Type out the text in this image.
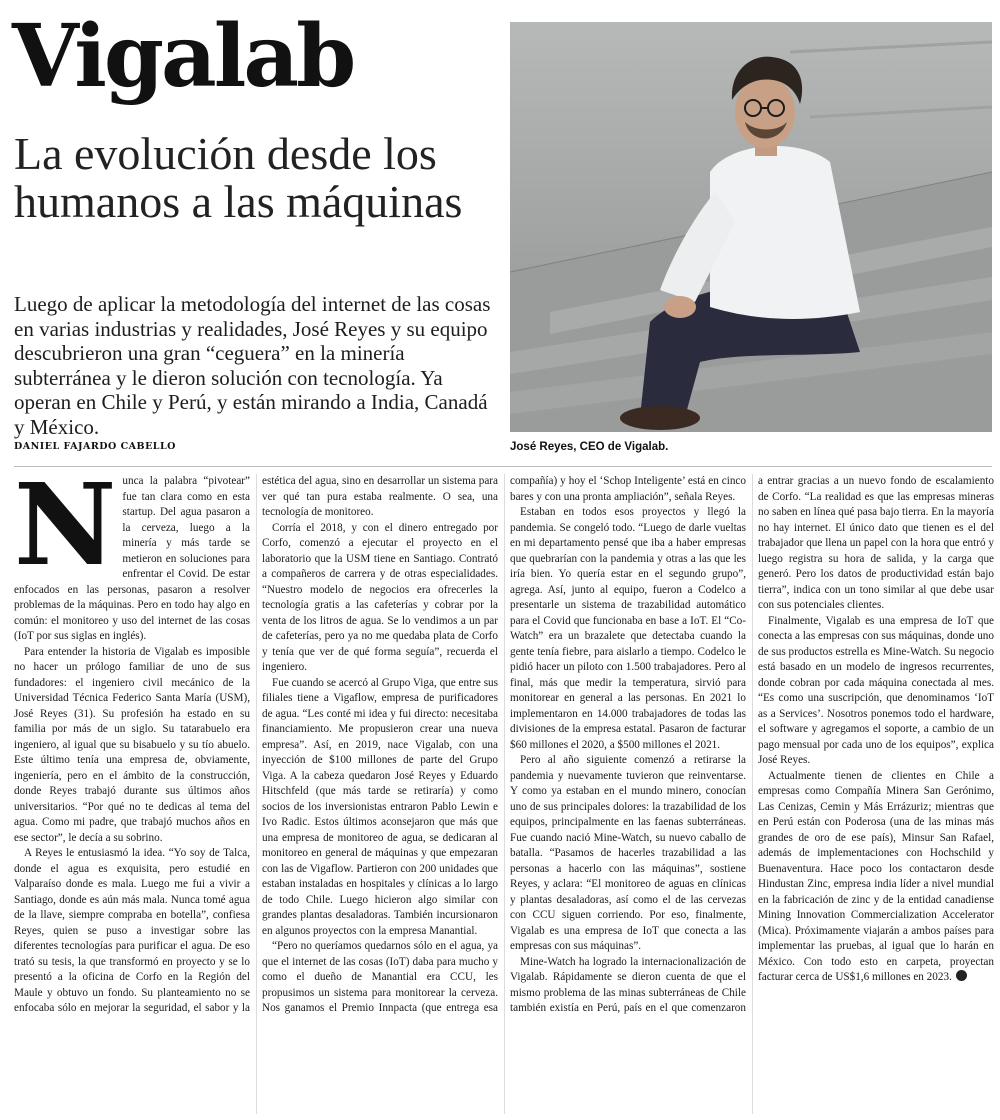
Vigalab
La evolución desde los humanos a las máquinas

Luego de aplicar la metodología del internet de las cosas en varias industrias y realidades, José Reyes y su equipo descubrieron una gran “ceguera” en la minería subterránea y le dieron solución con tecnología. Ya operan en Chile y Perú, y están mirando a India, Canadá y México.

DANIEL FAJARDO CABELLO	José Reyes, CEO de Vigalab.

Nunca la palabra “pivotear” fue tan clara como en esta startup. Del agua pasaron a la cerveza, luego a la minería y más tarde se metieron en soluciones para enfrentar el Covid. De estar enfocados en las personas, pasaron a resolver problemas de la máquinas. Pero en todo hay algo en común: el monitoreo y uso del internet de las cosas (IoT por sus siglas en inglés).

Para entender la historia de Vigalab es imposible no hacer un prólogo familiar de uno de sus fundadores: el ingeniero civil mecánico de la Universidad Técnica Federico Santa María (USM), José Reyes (31). Su profesión ha estado en su familia por más de un siglo. Su tatarabuelo era ingeniero, al igual que su bisabuelo y su tío abuelo. Este último tenía una empresa de, obviamente, ingeniería, pero en el ámbito de la construcción, donde Reyes trabajó durante sus últimos años universitarios. “Por qué no te dedicas al tema del agua. Como mi padre, que trabajó muchos años en ese sector”, le decía a su sobrino.

A Reyes le entusiasmó la idea. “Yo soy de Talca, donde el agua es exquisita, pero estudié en Valparaíso donde es mala. Luego me fui a vivir a Santiago, donde es aún más mala. Nunca tomé agua de la llave, siempre compraba en botella”, confiesa Reyes, quien se puso a investigar sobre las diferentes tecnologías para purificar el agua. De eso trató su tesis, la que transformó en proyecto y se lo presentó a la oficina de Corfo en la Región del Maule y obtuvo un fondo. Su planteamiento no se enfocaba sólo en mejorar la seguridad, el sabor y la estética del agua, sino en desarrollar un sistema para ver qué tan pura estaba realmente. O sea, una tecnología de monitoreo.

Corría el 2018, y con el dinero entregado por Corfo, comenzó a ejecutar el proyecto en el laboratorio que la USM tiene en Santiago. Contrató a compañeros de carrera y de otras especialidades. “Nuestro modelo de negocios era ofrecerles la tecnología gratis a las cafeterías y cobrar por la venta de los litros de agua. Se lo vendimos a un par de cafeterías, pero ya no me quedaba plata de Corfo y tenía que ver de qué forma seguía”, recuerda el ingeniero.

Fue cuando se acercó al Grupo Viga, que entre sus filiales tiene a Vigaflow, empresa de purificadores de agua. “Les conté mi idea y fui directo: necesitaba financiamiento. Me propusieron crear una nueva empresa”. Así, en 2019, nace Vigalab, con una inyección de $100 millones de parte del Grupo Viga. A la cabeza quedaron José Reyes y Eduardo Hitschfeld (que más tarde se retiraría) y como socios de los inversionistas entraron Pablo Lewin e Ivo Radic. Estos últimos aconsejaron que más que una empresa de monitoreo de agua, se dedicaran al monitoreo en general de máquinas y que empezaran con las de Vigaflow. Partieron con 200 unidades que estaban instaladas en hospitales y clínicas a lo largo de todo Chile. Luego hicieron algo similar con grandes plantas desaladoras. También incursionaron en algunos proyectos con la empresa Manantial.

“Pero no queríamos quedarnos sólo en el agua, ya que el internet de las cosas (IoT) daba para mucho y como el dueño de Manantial era CCU, les propusimos un sistema para monitorear la cerveza. Nos ganamos el Premio Innpacta (que entrega esa compañía) y hoy el ‘Schop Inteligente’ está en cinco bares y con una pronta ampliación”, señala Reyes.

Estaban en todos esos proyectos y llegó la pandemia. Se congeló todo. “Luego de darle vueltas en mi departamento pensé que iba a haber empresas que quebrarían con la pandemia y otras a las que les iría bien. Yo quería estar en el segundo grupo”, agrega. Así, junto al equipo, fueron a Codelco a presentarle un sistema de trazabilidad automático para el Covid que funcionaba en base a IoT. El “Co-Watch” era un brazalete que detectaba cuando la gente tenía fiebre, para aislarlo a tiempo. Codelco le pidió hacer un piloto con 1.500 trabajadores. Pero al final, más que medir la temperatura, sirvió para monitorear en general a las personas. En 2021 lo implementaron en 14.000 trabajadores de todas las divisiones de la empresa estatal. Pasaron de facturar $60 millones el 2020, a $500 millones el 2021.

Pero al año siguiente comenzó a retirarse la pandemia y nuevamente tuvieron que reinventarse. Y como ya estaban en el mundo minero, conocían uno de sus principales dolores: la trazabilidad de los equipos, principalmente en las faenas subterráneas. Fue cuando nació Mine-Watch, su nuevo caballo de batalla. “Pasamos de hacerles trazabilidad a las personas a hacerlo con las máquinas”, sostiene Reyes, y aclara: “El monitoreo de aguas en clínicas y plantas desaladoras, así como el de las cervezas con CCU siguen corriendo. Por eso, finalmente, Vigalab es una empresa de IoT que conecta a las empresas con sus máquinas”.

Mine-Watch ha logrado la internacionalización de Vigalab. Rápidamente se dieron cuenta de que el mismo problema de las minas subterráneas de Chile también existía en Perú, país en el que comenzaron a entrar gracias a un nuevo fondo de escalamiento de Corfo. “La realidad es que las empresas mineras no saben en línea qué pasa bajo tierra. En la mayoría no hay internet. El único dato que tienen es el del trabajador que llena un papel con la hora que entró y luego registra su hora de salida, y la carga que generó. Pero los datos de productividad están bajo tierra”, indica con un tono similar al que debe usar con sus potenciales clientes.

Finalmente, Vigalab es una empresa de IoT que conecta a las empresas con sus máquinas, donde uno de sus productos estrella es Mine-Watch. Su negocio está basado en un modelo de ingresos recurrentes, donde cobran por cada máquina conectada al mes. “Es como una suscripción, que denominamos ‘IoT as a Services’. Nosotros ponemos todo el hardware, el software y agregamos el soporte, a cambio de un pago mensual por cada uno de los equipos”, explica José Reyes.

Actualmente tienen de clientes en Chile a empresas como Compañía Minera San Gerónimo, Las Cenizas, Cemin y Más Errázuriz; mientras que en Perú están con Poderosa (una de las minas más grandes de oro de ese país), Minsur San Rafael, además de implementaciones con Hochschild y Buenaventura. Hace poco los contactaron desde Hindustan Zinc, empresa india líder a nivel mundial en la fabricación de zinc y de la entidad canadiense Mining Innovation Commercialization Accelerator (Mica). Próximamente viajarán a ambos países para implementar las pruebas, al igual que lo harán en México. Con todo esto en carpeta, proyectan facturar cerca de US$1,6 millones en 2023.
